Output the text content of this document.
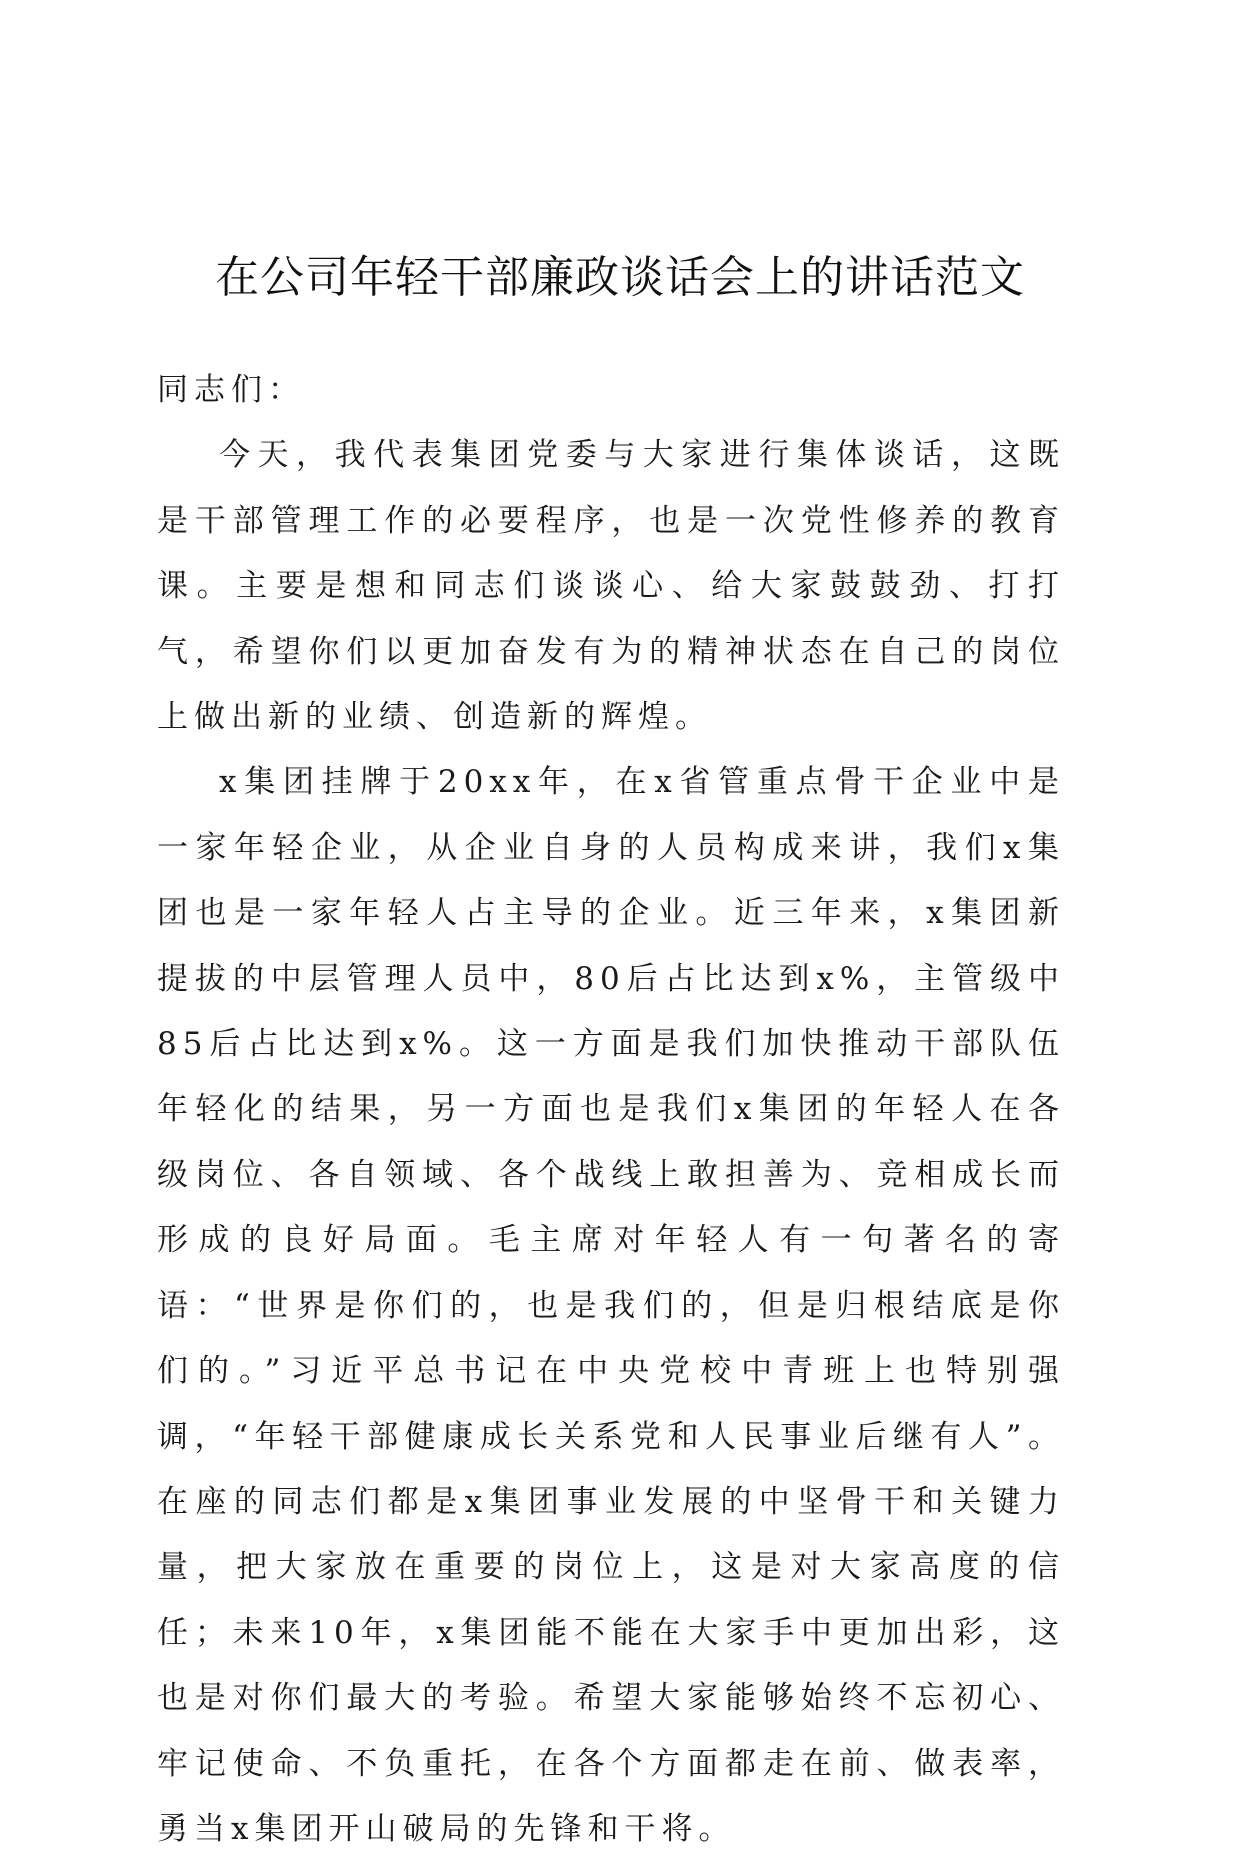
在公司年轻干部廉政谈话会上的讲话范文

同志们：

今天，我代表集团党委与大家进行集体谈话，这既是干部管理工作的必要程序，也是一次党性修养的教育课。主要是想和同志们谈谈心、给大家鼓鼓劲、打打气，希望你们以更加奋发有为的精神状态在自己的岗位上做出新的业绩、创造新的辉煌。

x集团挂牌于20xx年，在x省管重点骨干企业中是一家年轻企业，从企业自身的人员构成来讲，我们x集团也是一家年轻人占主导的企业。近三年来，x集团新提拔的中层管理人员中，80后占比达到x%，主管级中85后占比达到x%。这一方面是我们加快推动干部队伍年轻化的结果，另一方面也是我们x集团的年轻人在各级岗位、各自领域、各个战线上敢担善为、竞相成长而形成的良好局面。毛主席对年轻人有一句著名的寄语：“世界是你们的，也是我们的，但是归根结底是你们的。”习近平总书记在中央党校中青班上也特别强调，“年轻干部健康成长关系党和人民事业后继有人”。在座的同志们都是x集团事业发展的中坚骨干和关键力量，把大家放在重要的岗位上，这是对大家高度的信任；未来10年，x集团能不能在大家手中更加出彩，这也是对你们最大的考验。希望大家能够始终不忘初心、牢记使命、不负重托，在各个方面都走在前、做表率，勇当x集团开山破局的先锋和干将。
